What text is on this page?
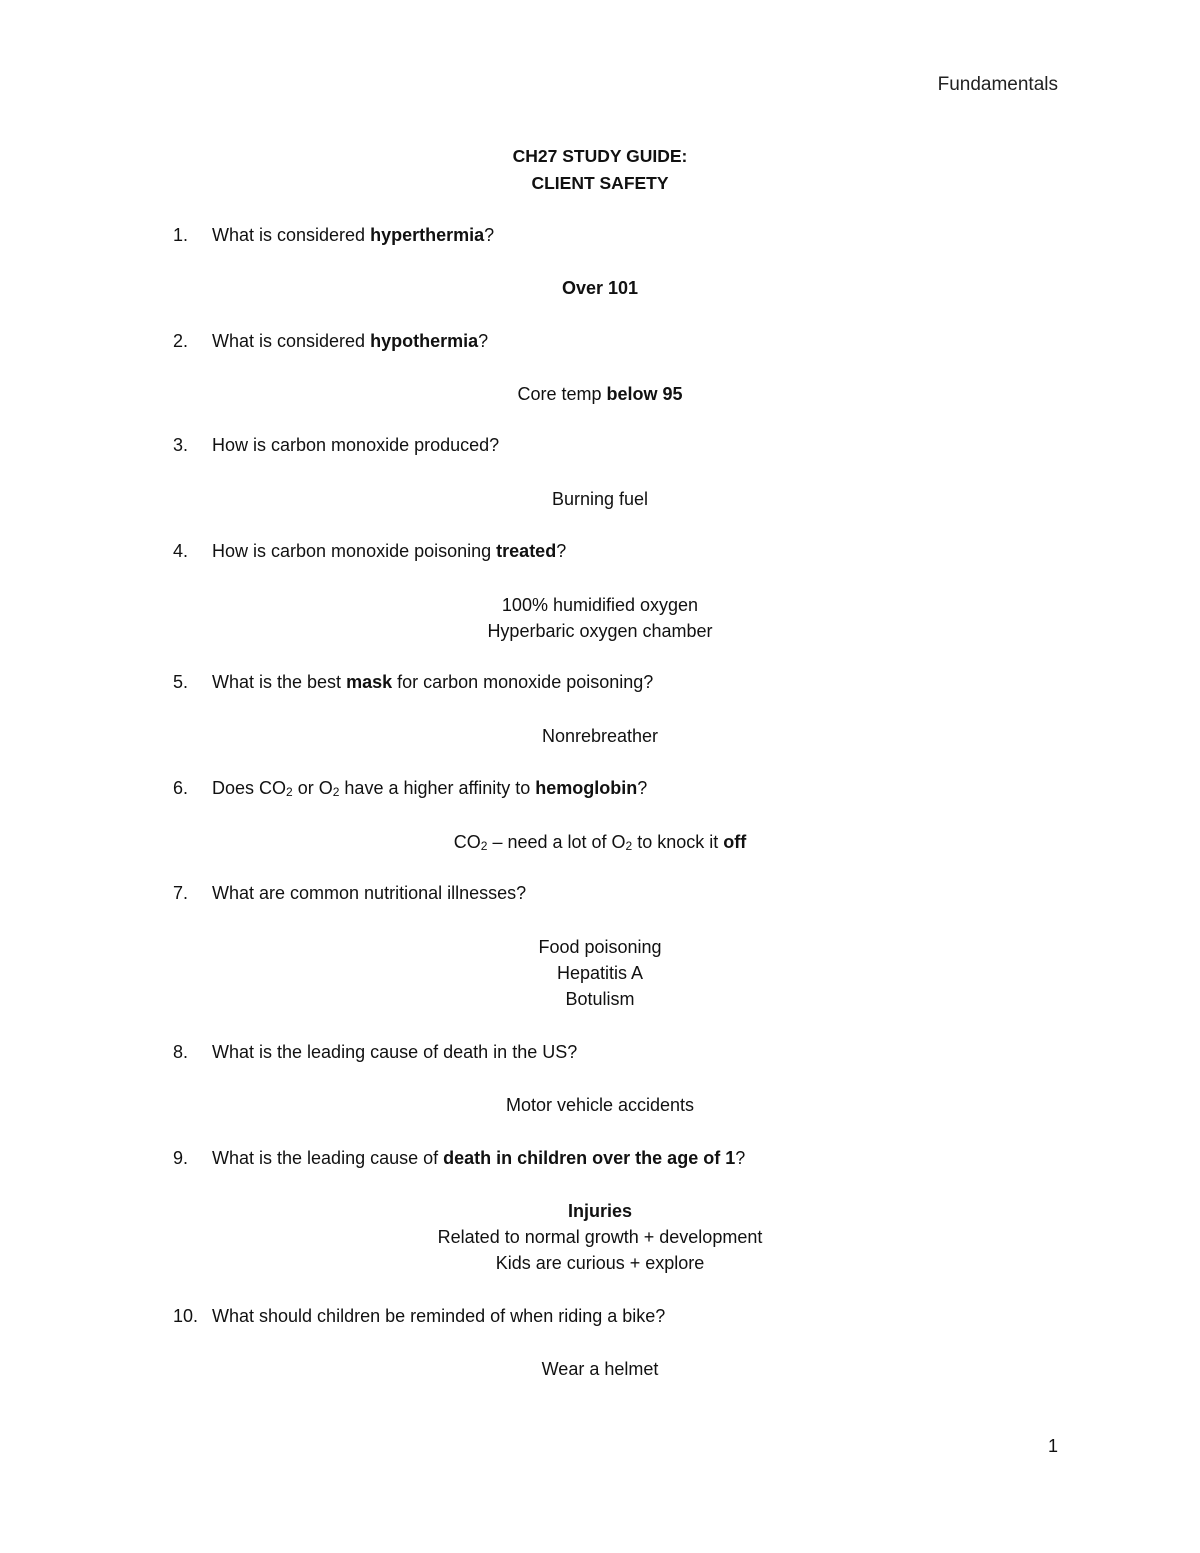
Fundamentals
CH27 STUDY GUIDE:
CLIENT SAFETY
1. What is considered hyperthermia?
Over 101
2. What is considered hypothermia?
Core temp below 95
3. How is carbon monoxide produced?
Burning fuel
4. How is carbon monoxide poisoning treated?
100% humidified oxygen
Hyperbaric oxygen chamber
5. What is the best mask for carbon monoxide poisoning?
Nonrebreather
6. Does $CO_2$ or $O_2$ have a higher affinity to hemoglobin?
$CO_2$ – need a lot of $O_2$ to knock it off
7. What are common nutritional illnesses?
Food poisoning
Hepatitis A
Botulism
8. What is the leading cause of death in the US?
Motor vehicle accidents
9. What is the leading cause of death in children over the age of 1?
Injuries
Related to normal growth + development
Kids are curious + explore
10. What should children be reminded of when riding a bike?
Wear a helmet
1
